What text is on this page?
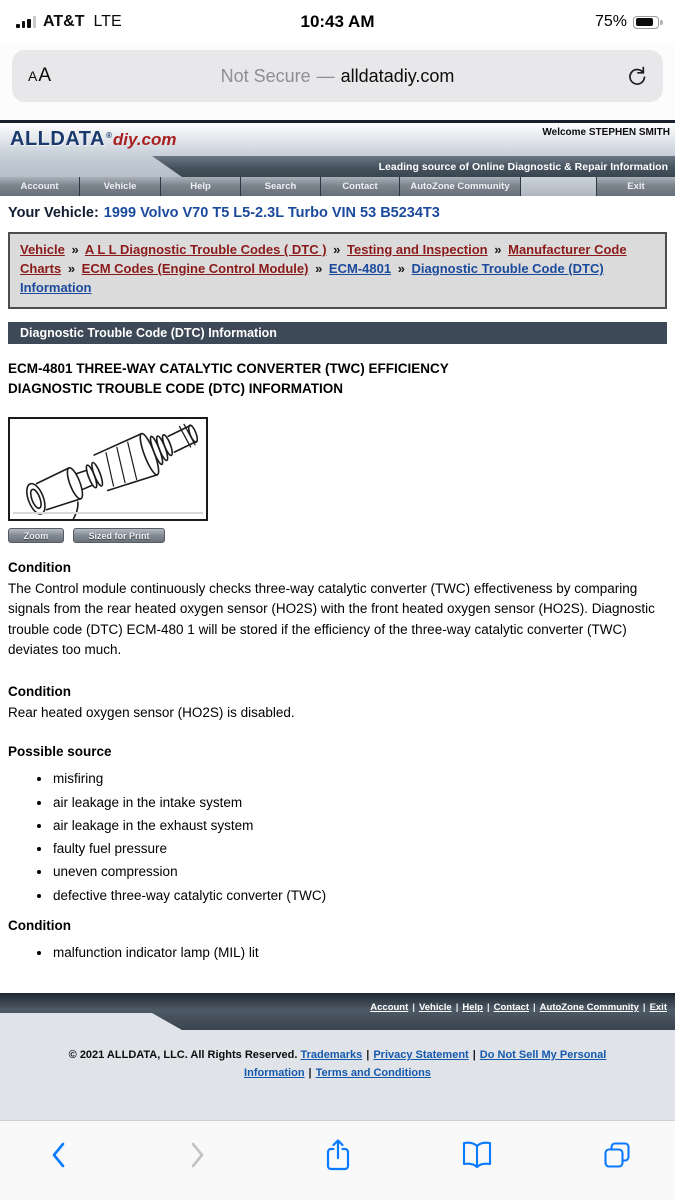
AT&T LTE	10:43 AM	75%
AA	Not Secure — alldatadiy.com
ALLDATA ® diy.com	Welcome STEPHEN SMITH
Leading source of Online Diagnostic & Repair Information
Account	Vehicle	Help	Search	Contact	AutoZone Community	Exit
Your Vehicle: 1999 Volvo V70 T5 L5-2.3L Turbo VIN 53 B5234T3
Vehicle » A L L Diagnostic Trouble Codes ( DTC ) » Testing and Inspection » Manufacturer Code Charts » ECM Codes (Engine Control Module) » ECM-4801 » Diagnostic Trouble Code (DTC) Information
Diagnostic Trouble Code (DTC) Information
ECM-4801 THREE-WAY CATALYTIC CONVERTER (TWC) EFFICIENCY
DIAGNOSTIC TROUBLE CODE (DTC) INFORMATION
Zoom	Sized for Print
Condition
The Control module continuously checks three-way catalytic converter (TWC) effectiveness by comparing signals from the rear heated oxygen sensor (HO2S) with the front heated oxygen sensor (HO2S). Diagnostic trouble code (DTC) ECM-480 1 will be stored if the efficiency of the three-way catalytic converter (TWC) deviates too much.
Condition
Rear heated oxygen sensor (HO2S) is disabled.
Possible source
• misfiring
• air leakage in the intake system
• air leakage in the exhaust system
• faulty fuel pressure
• uneven compression
• defective three-way catalytic converter (TWC)
Condition
• malfunction indicator lamp (MIL) lit
Account | Vehicle | Help | Contact | AutoZone Community | Exit
© 2021 ALLDATA, LLC. All Rights Reserved. Trademarks | Privacy Statement | Do Not Sell My Personal Information | Terms and Conditions
